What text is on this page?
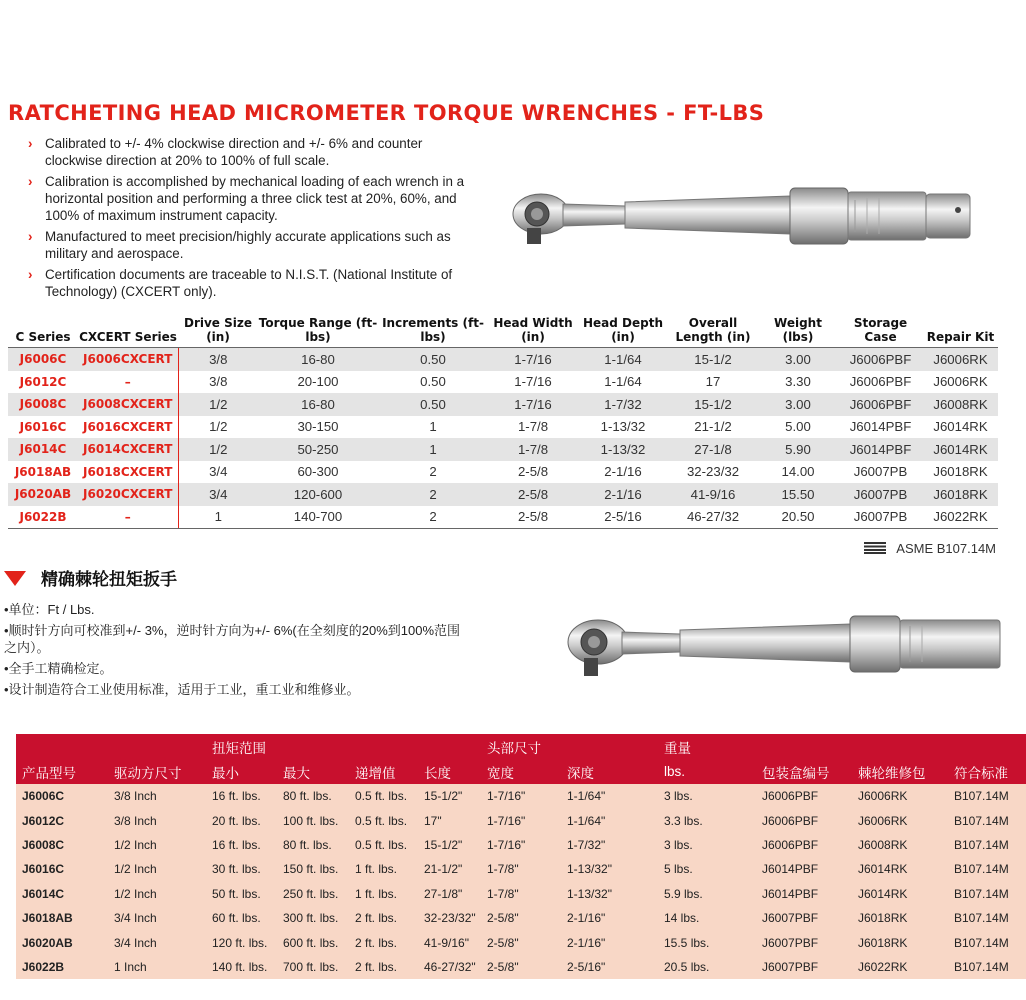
RATCHETING HEAD MICROMETER TORQUE WRENCHES - FT-LBS
› Calibrated to +/- 4% clockwise direction and +/- 6% and counter clockwise direction at 20% to 100% of full scale.
› Calibration is accomplished by mechanical loading of each wrench in a horizontal position and performing a three click test at 20%, 60%, and 100% of maximum instrument capacity.
› Manufactured to meet precision/highly accurate applications such as military and aerospace.
› Certification documents are traceable to N.I.S.T. (National Institute of Technology) (CXCERT only).
C Series	CXCERT Series	Drive Size (in)	Torque Range (ft-lbs)	Increments (ft-lbs)	Head Width (in)	Head Depth (in)	Overall Length (in)	Weight (lbs)	Storage Case	Repair Kit
J6006C	J6006CXCERT	3/8	16-80	0.50	1-7/16	1-1/64	15-1/2	3.00	J6006PBF	J6006RK
J6012C	–	3/8	20-100	0.50	1-7/16	1-1/64	17	3.30	J6006PBF	J6006RK
J6008C	J6008CXCERT	1/2	16-80	0.50	1-7/16	1-7/32	15-1/2	3.00	J6006PBF	J6008RK
J6016C	J6016CXCERT	1/2	30-150	1	1-7/8	1-13/32	21-1/2	5.00	J6014PBF	J6014RK
J6014C	J6014CXCERT	1/2	50-250	1	1-7/8	1-13/32	27-1/8	5.90	J6014PBF	J6014RK
J6018AB	J6018CXCERT	3/4	60-300	2	2-5/8	2-1/16	32-23/32	14.00	J6007PB	J6018RK
J6020AB	J6020CXCERT	3/4	120-600	2	2-5/8	2-1/16	41-9/16	15.50	J6007PB	J6018RK
J6022B	–	1	140-700	2	2-5/8	2-5/16	46-27/32	20.50	J6007PB	J6022RK
ASME B107.14M
精确棘轮扭矩扳手
•单位：Ft / Lbs.
•顺时针方向可校准到+/- 3%，逆时针方向为+/- 6%(在全刻度的20%到100%范围之内）。
•全手工精确检定。
•设计制造符合工业使用标准，适用于工业，重工业和维修业。
		扭矩范围				头部尺寸		重量			
产品型号	驱动方尺寸	最小	最大	递增值	长度	宽度	深度	lbs.	包装盒编号	棘轮维修包	符合标准
J6006C	3/8 Inch	16 ft. lbs.	80 ft. lbs.	0.5 ft. lbs.	15-1/2"	1-7/16"	1-1/64"	3 lbs.	J6006PBF	J6006RK	B107.14M
J6012C	3/8 Inch	20 ft. lbs.	100 ft. lbs.	0.5 ft. lbs.	17"	1-7/16"	1-1/64"	3.3 lbs.	J6006PBF	J6006RK	B107.14M
J6008C	1/2 Inch	16 ft. lbs.	80 ft. lbs.	0.5 ft. lbs.	15-1/2"	1-7/16"	1-7/32"	3 lbs.	J6006PBF	J6008RK	B107.14M
J6016C	1/2 Inch	30 ft. lbs.	150 ft. lbs.	1 ft. lbs.	21-1/2"	1-7/8"	1-13/32"	5 lbs.	J6014PBF	J6014RK	B107.14M
J6014C	1/2 Inch	50 ft. lbs.	250 ft. lbs.	1 ft. lbs.	27-1/8"	1-7/8"	1-13/32"	5.9 lbs.	J6014PBF	J6014RK	B107.14M
J6018AB	3/4 Inch	60 ft. lbs.	300 ft. lbs.	2 ft. lbs.	32-23/32"	2-5/8"	2-1/16"	14 lbs.	J6007PBF	J6018RK	B107.14M
J6020AB	3/4 Inch	120 ft. lbs.	600 ft. lbs.	2 ft. lbs.	41-9/16"	2-5/8"	2-1/16"	15.5 lbs.	J6007PBF	J6018RK	B107.14M
J6022B	1 Inch	140 ft. lbs.	700 ft. lbs.	2 ft. lbs.	46-27/32"	2-5/8"	2-5/16"	20.5 lbs.	J6007PBF	J6022RK	B107.14M
